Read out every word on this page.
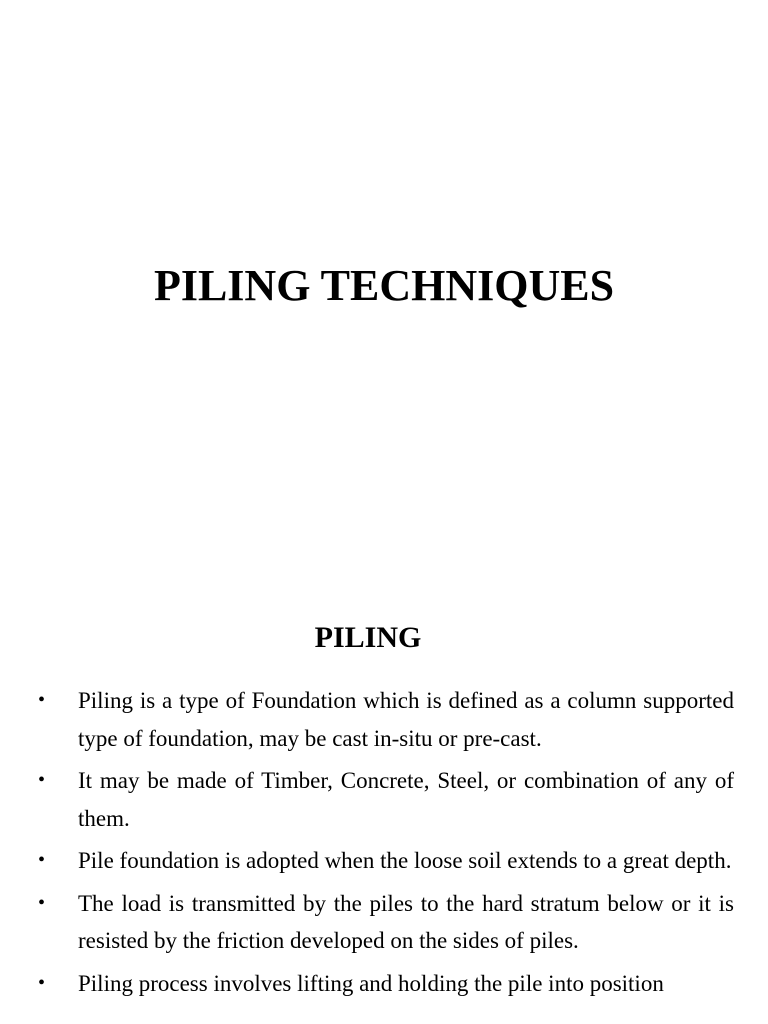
PILING TECHNIQUES
PILING
• Piling is a type of Foundation which is defined as a column supported type of foundation, may be cast in-situ or pre-cast.
• It may be made of Timber, Concrete, Steel, or combination of any of them.
• Pile foundation is adopted when the loose soil extends to a great depth.
• The load is transmitted by the piles to the hard stratum below or it is resisted by the friction developed on the sides of piles.
• Piling process involves lifting and holding the pile into position
